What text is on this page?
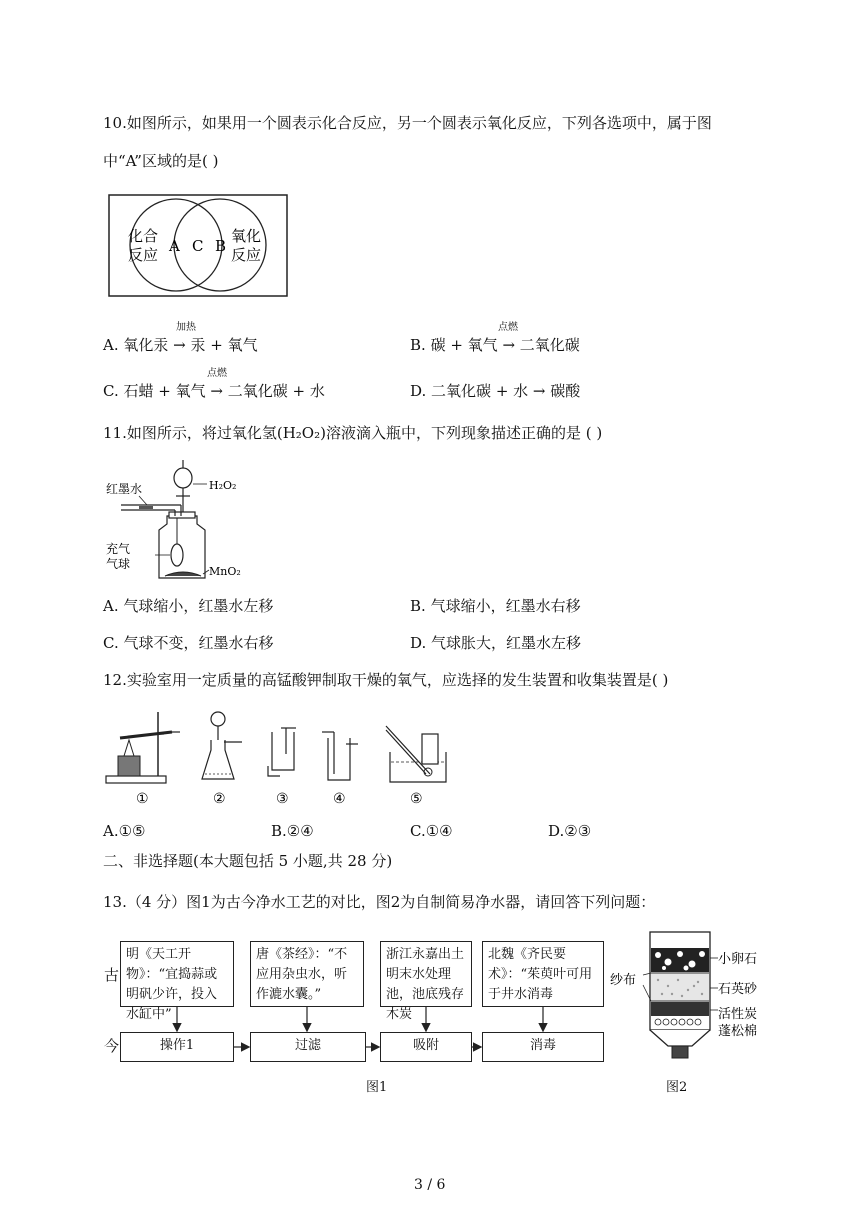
10.如图所示，如果用一个圆表示化合反应，另一个圆表示氧化反应，下列各选项中，属于图
中“A”区域的是( )
化合
反应 A C B
氧化
反应
加热
A. 氧化汞 → 汞 + 氧气
点燃
B. 碳 + 氧气 → 二氧化碳
点燃
C. 石蜡 + 氧气 → 二氧化碳 + 水	D. 二氧化碳 + 水 → 碳酸
11.如图所示，将过氧化氢(H₂O₂)溶液滴入瓶中，下列现象描述正确的是 ( )
红墨水	H₂O₂
充气
气球
MnO₂
A. 气球缩小，红墨水左移	B. 气球缩小，红墨水右移
C. 气球不变，红墨水右移	D. 气球胀大，红墨水左移
12.实验室用一定质量的高锰酸钾制取干燥的氧气，应选择的发生装置和收集装置是( )
①	②	③	④	⑤
A.①⑤	B.②④	C.①④	D.②③
二、非选择题(本大题包括 5 小题,共 28 分)
13.（4 分）图1为古今净水工艺的对比，图2为自制简易净水器，请回答下列问题：
古
今
明《天工开物》：“宜捣蒜或明矾少许，投入水缸中”
唐《茶经》：“不应用杂虫水，听作漉水囊。”
浙江永嘉出土明末水处理池，池底残存木炭
北魏《齐民要术》：“茱萸叶可用于井水消毒
操作1	过滤	吸附	消毒
图1
纱布
小卵石
石英砂
活性炭
蓬松棉
图2
3 / 6
